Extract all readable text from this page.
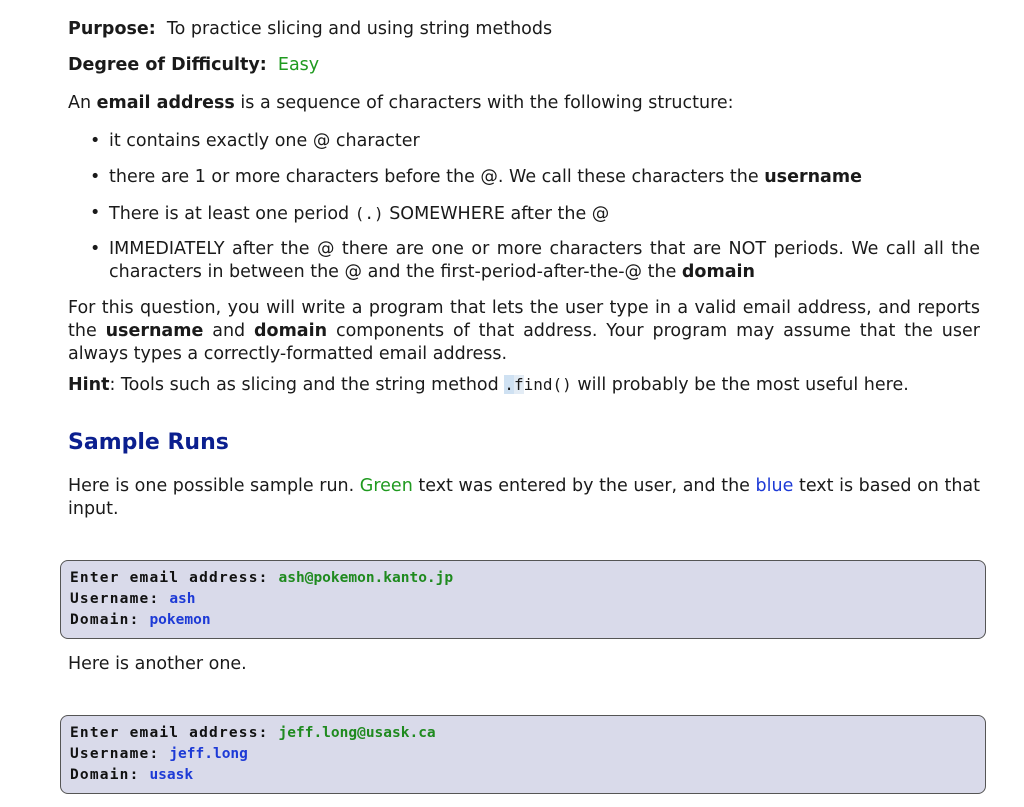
Purpose: To practice slicing and using string methods
Degree of Difficulty: Easy
An email address is a sequence of characters with the following structure:
• it contains exactly one @ character
• there are 1 or more characters before the @. We call these characters the username
• There is at least one period (.) SOMEWHERE after the @
• IMMEDIATELY after the @ there are one or more characters that are NOT periods. We call all the characters in between the @ and the first-period-after-the-@ the domain
For this question, you will write a program that lets the user type in a valid email address, and reports the username and domain components of that address. Your program may assume that the user always types a correctly-formatted email address.
Hint: Tools such as slicing and the string method .find() will probably be the most useful here.
Sample Runs
Here is one possible sample run. Green text was entered by the user, and the blue text is based on that input.
Enter email address: ash@pokemon.kanto.jp
Username: ash
Domain: pokemon
Here is another one.
Enter email address: jeff.long@usask.ca
Username: jeff.long
Domain: usask
